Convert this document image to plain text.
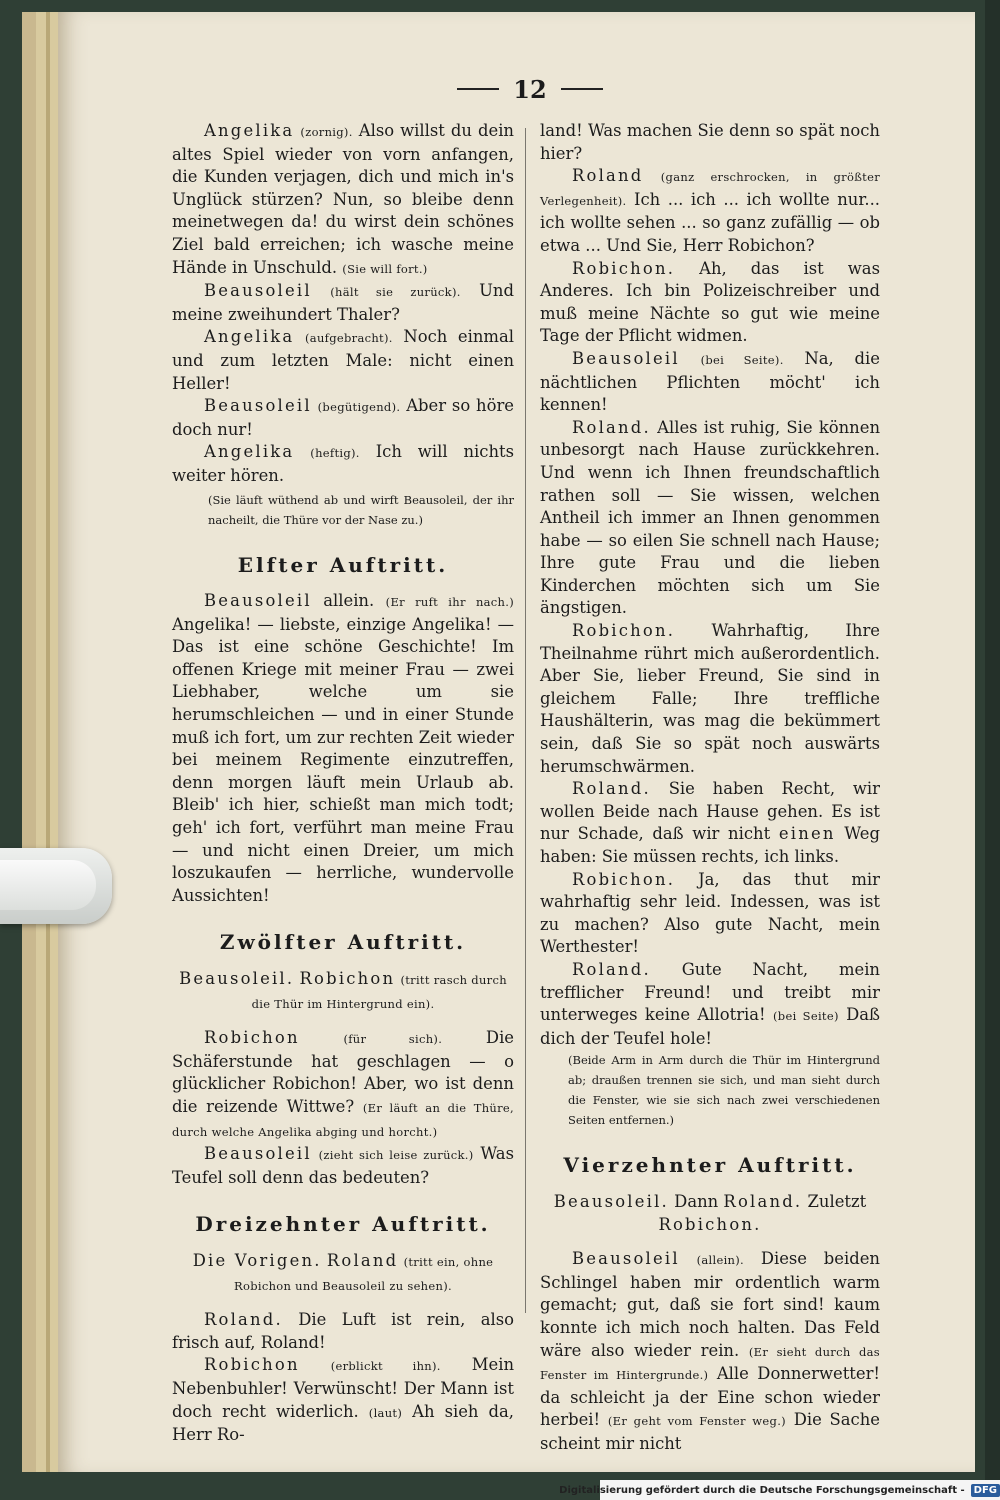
12

Angelika (zornig). Also willst du dein altes Spiel wieder von vorn anfangen, die Kunden verjagen, dich und mich in's Unglück stürzen? Nun, so bleibe denn meinetwegen da! du wirst dein schönes Ziel bald erreichen; ich wasche meine Hände in Unschuld. (Sie will fort.)

Beausoleil (hält sie zurück). Und meine zweihundert Thaler?

Angelika (aufgebracht). Noch einmal und zum letzten Male: nicht einen Heller!

Beausoleil (begütigend). Aber so höre doch nur!

Angelika (heftig). Ich will nichts weiter hören.

(Sie läuft wüthend ab und wirft Beausoleil, der ihr nacheilt, die Thüre vor der Nase zu.)

Elfter Auftritt.

Beausoleil allein. (Er ruft ihr nach.) Angelika! — liebste, einzige Angelika! — Das ist eine schöne Geschichte! Im offenen Kriege mit meiner Frau — zwei Liebhaber, welche um sie herumschleichen — und in einer Stunde muß ich fort, um zur rechten Zeit wieder bei meinem Regimente einzutreffen, denn morgen läuft mein Urlaub ab. Bleib' ich hier, schießt man mich todt; geh' ich fort, verführt man meine Frau — und nicht einen Dreier, um mich loszukaufen — herrliche, wundervolle Aussichten!

Zwölfter Auftritt.

Beausoleil. Robichon (tritt rasch durch die Thür im Hintergrund ein).

Robichon	(für sich).	Die Schäferstunde hat geschlagen — o glücklicher Robichon! Aber, wo ist denn die reizende Wittwe? (Er läuft an die Thüre, durch welche Angelika abging und horcht.)

Beausoleil (zieht sich leise zurück.) Was Teufel soll denn das bedeuten?

Dreizehnter Auftritt.

Die Vorigen. Roland (tritt ein, ohne Robichon und Beausoleil zu sehen).

Roland. Die Luft ist rein, also frisch auf, Roland!

Robichon	(erblickt ihn). Mein Nebenbuhler! Verwünscht! Der Mann ist doch recht widerlich. (laut) Ah sieh da, Herr Ro-

land! Was machen Sie denn so spät noch hier?

Roland (ganz erschrocken, in größter Verlegenheit). Ich ... ich ... ich wollte nur... ich wollte sehen ... so ganz zufällig — ob etwa ... Und Sie, Herr Robichon?

Robichon. Ah, das ist was Anderes. Ich bin Polizeischreiber und muß meine Nächte so gut wie meine Tage der Pflicht widmen.

Beausoleil (bei Seite). Na, die nächtlichen Pflichten möcht' ich kennen!

Roland. Alles ist ruhig, Sie können unbesorgt nach Hause zurückkehren. Und wenn ich Ihnen freundschaftlich rathen soll — Sie wissen, welchen Antheil ich immer an Ihnen genommen habe — so eilen Sie schnell nach Hause; Ihre gute Frau und die lieben Kinderchen möchten sich um Sie ängstigen.

Robichon. Wahrhaftig, Ihre Theilnahme rührt mich außerordentlich. Aber Sie, lieber Freund, Sie sind in gleichem Falle; Ihre treffliche Haushälterin, was mag die bekümmert sein, daß Sie so spät noch auswärts herumschwärmen.

Roland. Sie haben Recht, wir wollen Beide nach Hause gehen. Es ist nur Schade, daß wir nicht einen Weg haben: Sie müssen rechts, ich links.

Robichon. Ja, das thut mir wahrhaftig sehr leid. Indessen, was ist zu machen? Also gute Nacht, mein Werthester!

Roland. Gute Nacht, mein trefflicher Freund! und treibt mir unterweges keine Allotria! (bei Seite) Daß dich der Teufel hole!

(Beide Arm in Arm durch die Thür im Hintergrund ab; draußen trennen sie sich, und man sieht durch die Fenster, wie sie sich nach zwei verschiedenen Seiten entfernen.)

Vierzehnter Auftritt.

Beausoleil. Dann Roland. Zuletzt Robichon.

Beausoleil (allein). Diese beiden Schlingel haben mir ordentlich warm gemacht; gut, daß sie fort sind! kaum konnte ich mich noch halten. Das Feld wäre also wieder rein. (Er sieht durch das Fenster im Hintergrunde.) Alle Donnerwetter! da schleicht ja der Eine schon wieder herbei! (Er geht vom Fenster weg.) Die Sache scheint mir nicht

Digitalisierung gefördert durch die Deutsche Forschungsgemeinschaft - DFG
